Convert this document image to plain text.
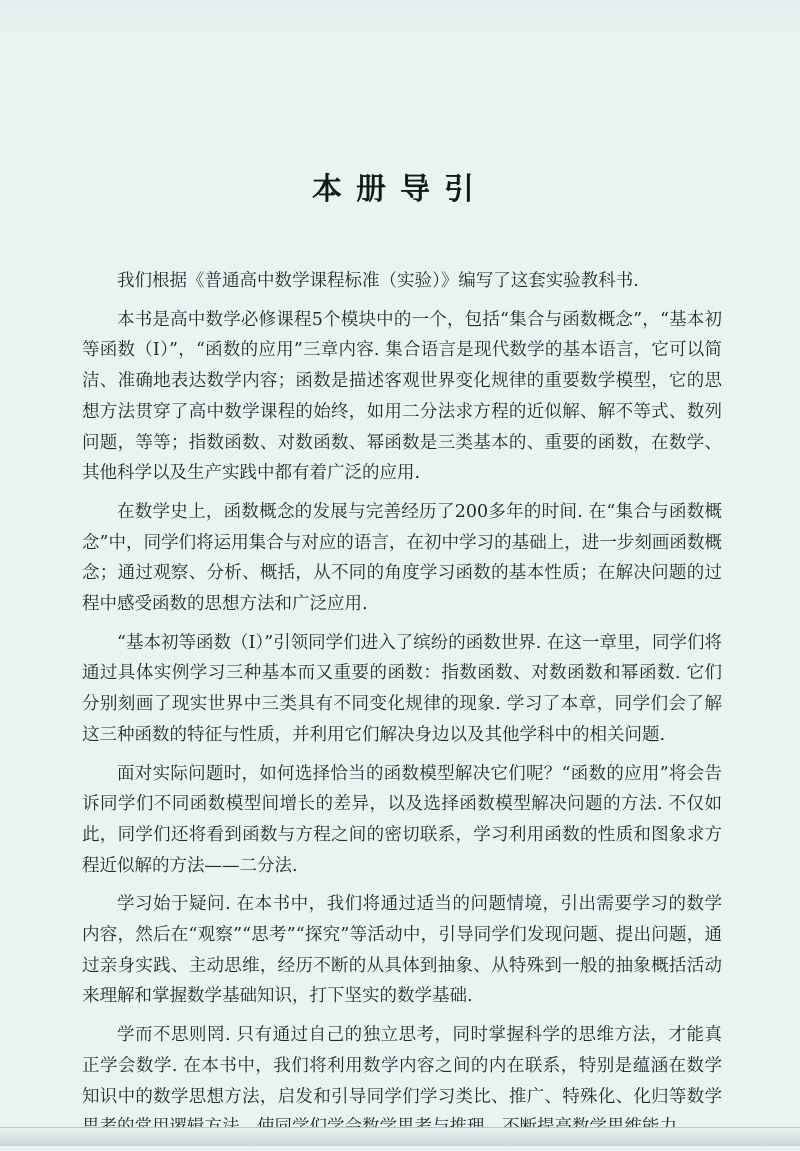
本册导引

我们根据《普通高中数学课程标准（实验）》编写了这套实验教科书.

本书是高中数学必修课程5个模块中的一个，包括“集合与函数概念”，“基本初等函数（Ⅰ）”，“函数的应用”三章内容. 集合语言是现代数学的基本语言，它可以简洁、准确地表达数学内容；函数是描述客观世界变化规律的重要数学模型，它的思想方法贯穿了高中数学课程的始终，如用二分法求方程的近似解、解不等式、数列问题，等等；指数函数、对数函数、幂函数是三类基本的、重要的函数，在数学、其他科学以及生产实践中都有着广泛的应用.

在数学史上，函数概念的发展与完善经历了200多年的时间. 在“集合与函数概念”中，同学们将运用集合与对应的语言，在初中学习的基础上，进一步刻画函数概念；通过观察、分析、概括，从不同的角度学习函数的基本性质；在解决问题的过程中感受函数的思想方法和广泛应用.

“基本初等函数（Ⅰ）”引领同学们进入了缤纷的函数世界. 在这一章里，同学们将通过具体实例学习三种基本而又重要的函数：指数函数、对数函数和幂函数. 它们分别刻画了现实世界中三类具有不同变化规律的现象. 学习了本章，同学们会了解这三种函数的特征与性质，并利用它们解决身边以及其他学科中的相关问题.

面对实际问题时，如何选择恰当的函数模型解决它们呢？“函数的应用”将会告诉同学们不同函数模型间增长的差异，以及选择函数模型解决问题的方法. 不仅如此，同学们还将看到函数与方程之间的密切联系，学习利用函数的性质和图象求方程近似解的方法——二分法.

学习始于疑问. 在本书中，我们将通过适当的问题情境，引出需要学习的数学内容，然后在“观察”“思考”“探究”等活动中，引导同学们发现问题、提出问题，通过亲身实践、主动思维，经历不断的从具体到抽象、从特殊到一般的抽象概括活动来理解和掌握数学基础知识，打下坚实的数学基础.

学而不思则罔. 只有通过自己的独立思考，同时掌握科学的思维方法，才能真正学会数学. 在本书中，我们将利用数学内容之间的内在联系，特别是蕴涵在数学知识中的数学思想方法，启发和引导同学们学习类比、推广、特殊化、化归等数学
